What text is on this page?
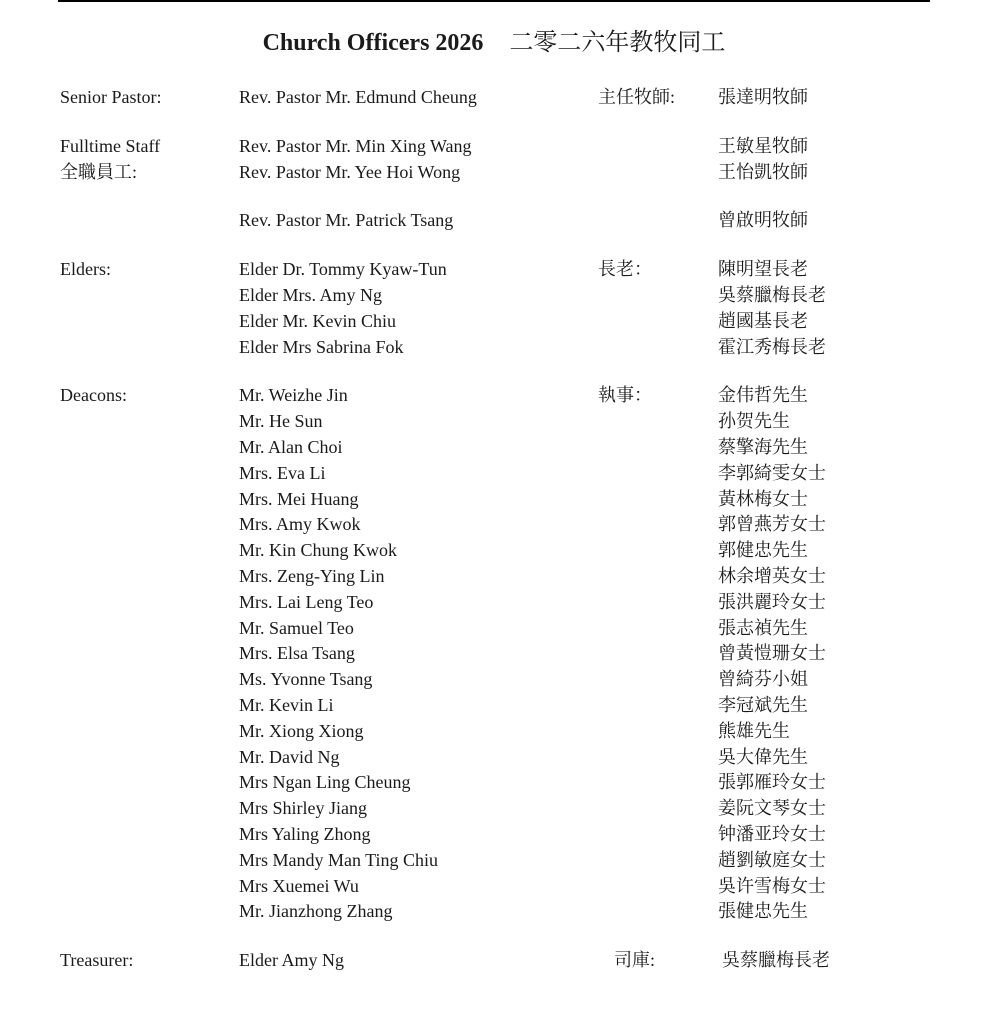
Church Officers 2026 二零二六年教牧同工
Senior Pastor:	Rev. Pastor Mr. Edmund Cheung	主任牧師: 張達明牧師
Fulltime Staff	Rev. Pastor Mr. Min Xing Wang	王敏星牧師
全職員工:	Rev. Pastor Mr. Yee Hoi Wong	王怡凱牧師
Rev. Pastor Mr. Patrick Tsang	曾啟明牧師
Elders:	Elder Dr. Tommy Kyaw-Tun	長老：	陳明望長老
Elder Mrs. Amy Ng	吳蔡臘梅長老
Elder Mr. Kevin Chiu	趙國基長老
Elder Mrs Sabrina Fok	霍江秀梅長老
Deacons:	Mr. Weizhe Jin	執事：	金伟哲先生
Mr. He Sun	孙贺先生
Mr. Alan Choi	蔡擎海先生
Mrs. Eva Li	李郭綺雯女士
Mrs. Mei Huang	黃林梅女士
Mrs. Amy Kwok	郭曾燕芳女士
Mr. Kin Chung Kwok	郭健忠先生
Mrs. Zeng-Ying Lin	林余增英女士
Mrs. Lai Leng Teo	張洪麗玲女士
Mr. Samuel Teo	張志禎先生
Mrs. Elsa Tsang	曾黃愷珊女士
Ms. Yvonne Tsang	曾綺芬小姐
Mr. Kevin Li	李冠斌先生
Mr. Xiong Xiong	熊雄先生
Mr. David Ng	吳大偉先生
Mrs Ngan Ling Cheung	張郭雁玲女士
Mrs Shirley Jiang	姜阮文琴女士
Mrs Yaling Zhong	钟潘亚玲女士
Mrs Mandy Man Ting Chiu	趙劉敏庭女士
Mrs Xuemei Wu	吳许雪梅女士
Mr. Jianzhong Zhang	張健忠先生
Treasurer:	Elder Amy Ng	司庫:	吳蔡臘梅長老
